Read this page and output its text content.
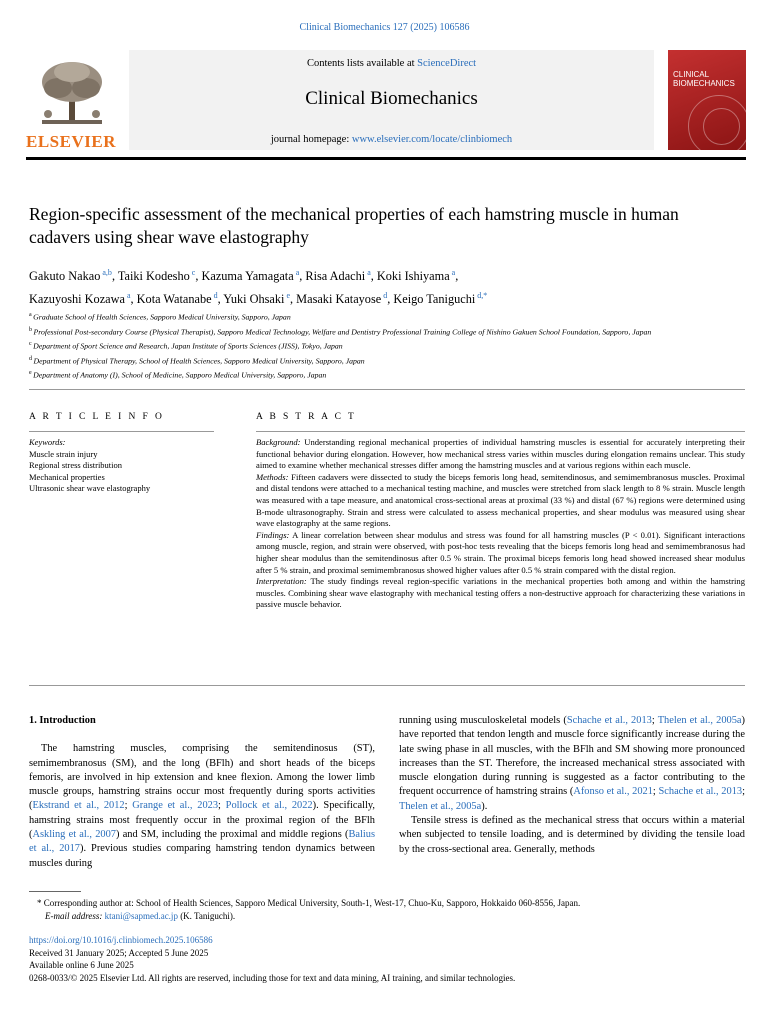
Clinical Biomechanics 127 (2025) 106586
ELSEVIER
Contents lists available at ScienceDirect
Clinical Biomechanics
journal homepage: www.elsevier.com/locate/clinbiomech
CLINICAL
BIOMECHANICS
Region-specific assessment of the mechanical properties of each hamstring muscle in human cadavers using shear wave elastography
Gakuto Nakao $^{a,b}$, Taiki Kodesho $^c$, Kazuma Yamagata $^a$, Risa Adachi $^a$, Koki Ishiyama $^a$,
Kazuyoshi Kozawa $^a$, Kota Watanabe $^d$, Yuki Ohsaki $^e$, Masaki Katayose $^d$, Keigo Taniguchi $^{d,*}$
$^a$ Graduate School of Health Sciences, Sapporo Medical University, Sapporo, Japan
$^b$ Professional Post-secondary Course (Physical Therapist), Sapporo Medical Technology, Welfare and Dentistry Professional Training College of Nishino Gakuen School Foundation, Sapporo, Japan
$^c$ Department of Sport Science and Research, Japan Institute of Sports Sciences (JISS), Tokyo, Japan
$^d$ Department of Physical Therapy, School of Health Sciences, Sapporo Medical University, Sapporo, Japan
$^e$ Department of Anatomy (I), School of Medicine, Sapporo Medical University, Sapporo, Japan
A R T I C L E I N F O
Keywords:
Muscle strain injury
Regional stress distribution
Mechanical properties
Ultrasonic shear wave elastography
A B S T R A C T

Background: Understanding regional mechanical properties of individual hamstring muscles is essential for accurately interpreting their functional behavior during elongation. However, how mechanical stress varies within muscles during elongation remains unclear. This study aimed to examine whether mechanical stresses differ among the hamstring muscles and at various regions within each muscle.

Methods: Fifteen cadavers were dissected to study the biceps femoris long head, semitendinosus, and semimembranosus muscles. Proximal and distal tendons were attached to a mechanical testing machine, and muscles were stretched from slack length to 8 % strain. Muscle length was measured with a tape measure, and anatomical cross-sectional areas at proximal (33 %) and distal (67 %) regions were determined using B-mode ultrasonography. Strain and stress were calculated to assess mechanical properties, and shear modulus was measured using shear wave elastography at the same regions.

Findings: A linear correlation between shear modulus and stress was found for all hamstring muscles (P < 0.01). Significant interactions among muscle, region, and strain were observed, with post-hoc tests revealing that the biceps femoris long head and semimembranosus had higher shear modulus than the semitendinosus after 0.5 % strain. The proximal biceps femoris long head showed increased shear modulus after 5 % strain, and proximal semimembranosus showed higher values after 0.5 % strain compared with the distal region.

Interpretation: The study findings reveal region-specific variations in the mechanical properties both among and within the hamstring muscles. Combining shear wave elastography with mechanical testing offers a non-destructive approach for characterizing these variations in passive muscle behavior.

1. Introduction

The hamstring muscles, comprising the semitendinosus (ST), semimembranosus (SM), and the long (BFlh) and short heads of the biceps femoris, are involved in hip extension and knee flexion. Among the lower limb muscle groups, hamstring strains occur most frequently during sports activities (Ekstrand et al., 2012; Grange et al., 2023; Pollock et al., 2022). Specifically, hamstring strains most frequently occur in the proximal region of the BFlh (Askling et al., 2007) and SM, including the proximal and middle regions (Balius et al., 2017). Previous studies comparing hamstring tendon dynamics between muscles during

running using musculoskeletal models (Schache et al., 2013; Thelen et al., 2005a) have reported that tendon length and muscle force significantly increase during the late swing phase in all muscles, with the BFlh and SM showing more pronounced increases than the ST. Therefore, the increased mechanical stress associated with muscle elongation during running is suggested as a factor contributing to the frequent occurrence of hamstring strains (Afonso et al., 2021; Schache et al., 2013; Thelen et al., 2005a).

Tensile stress is defined as the mechanical stress that occurs within a material when subjected to tensile loading, and is determined by dividing the tensile load by the cross-sectional area. Generally, methods

* Corresponding author at: School of Health Sciences, Sapporo Medical University, South-1, West-17, Chuo-Ku, Sapporo, Hokkaido 060-8556, Japan.
E-mail address: ktani@sapmed.ac.jp (K. Taniguchi).
https://doi.org/10.1016/j.clinbiomech.2025.106586
Received 31 January 2025; Accepted 5 June 2025
Available online 6 June 2025
0268-0033/© 2025 Elsevier Ltd. All rights are reserved, including those for text and data mining, AI training, and similar technologies.
